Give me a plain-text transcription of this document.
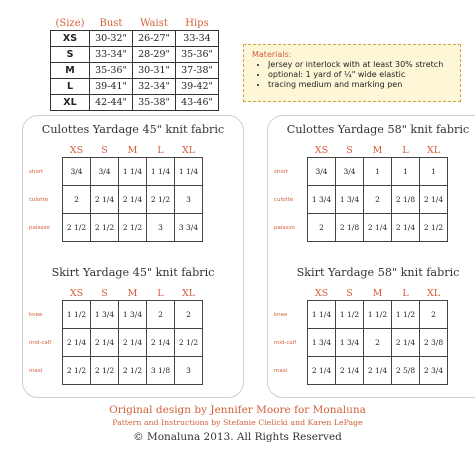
(Size)	Bust	Waist	Hips
XS	30-32"	26-27"	33-34
S	33-34"	28-29"	35-36"
M	35-36"	30-31"	37-38"
L	39-41"	32-34"	39-42"
XL	42-44"	35-38"	43-46"
Materials:
• Jersey or interlock with at least 30% stretch
• optional: 1 yard of ¼" wide elastic
• tracing medium and marking pen
Culottes Yardage 45" knit fabric
	XS	S	M	L	XL
short	3/4	3/4	1 1/4	1 1/4	1 1/4
culotte	2	2 1/4	2 1/4	2 1/2	3
palazzo	2 1/2	2 1/2	2 1/2	3	3 3/4
Skirt Yardage 45" knit fabric
	XS	S	M	L	XL
knee	1 1/2	1 3/4	1 3/4	2	2
mid-calf	2 1/4	2 1/4	2 1/4	2 1/4	2 1/2
maxi	2 1/2	2 1/2	2 1/2	3 1/8	3
Culottes Yardage 58" knit fabric
	XS	S	M	L	XL
short	3/4	3/4	1	1	1
culotte	1 3/4	1 3/4	2	2 1/8	2 1/4
palazzo	2	2 1/8	2 1/4	2 1/4	2 1/2
Skirt Yardage 58" knit fabric
	XS	S	M	L	XL
knee	1 1/4	1 1/2	1 1/2	1 1/2	2
mid-calf	1 3/4	1 3/4	2	2 1/4	2 3/8
maxi	2 1/4	2 1/4	2 1/4	2 5/8	2 3/4
Original design by Jennifer Moore for Monaluna
Pattern and Instructions by Stefanie Cielicki and Karen LePage
© Monaluna 2013. All Rights Reserved
